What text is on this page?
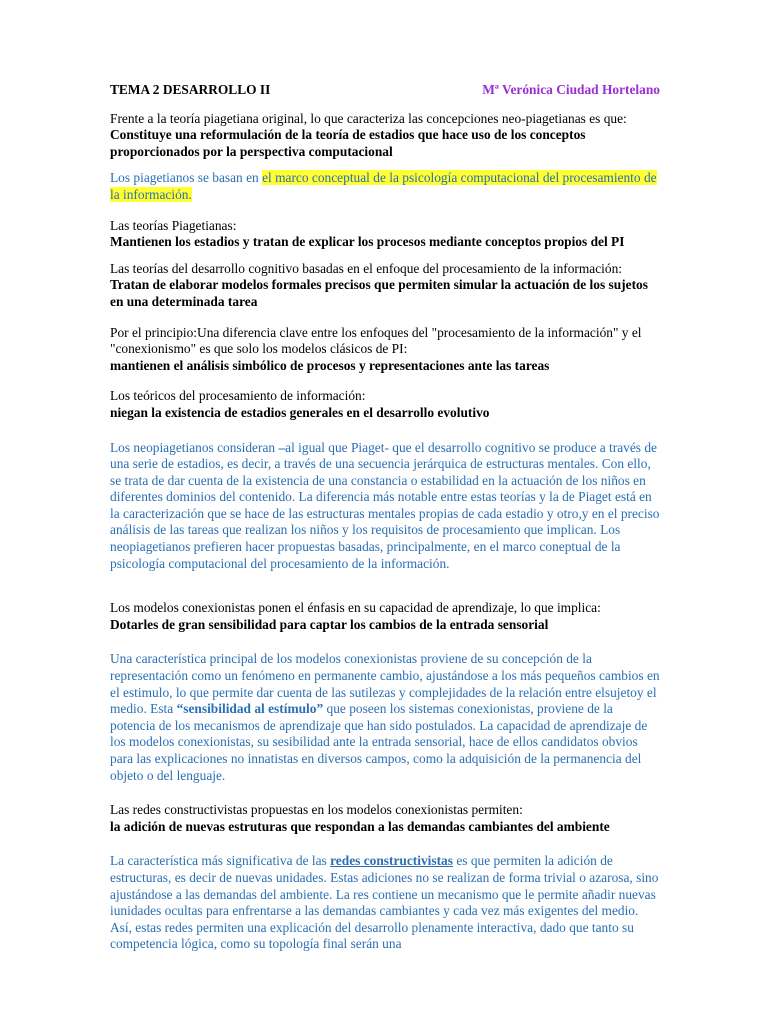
TEMA 2 DESARROLLO II	Mª Verónica Ciudad Hortelano

Frente a la teoría piagetiana original, lo que caracteriza las concepciones neo-piagetianas es que:
Constituye una reformulación de la teoría de estadios que hace uso de los conceptos proporcionados por la perspectiva computacional

Los piagetianos se basan en el marco conceptual de la psicología computacional del procesamiento de la información.

Las teorías Piagetianas:
Mantienen los estadios y tratan de explicar los procesos mediante conceptos propios del PI

Las teorías del desarrollo cognitivo basadas en el enfoque del procesamiento de la información:
Tratan de elaborar modelos formales precisos que permiten simular la actuación de los sujetos en una determinada tarea

Por el principio:Una diferencia clave entre los enfoques del "procesamiento de la información" y el "conexionismo" es que solo los modelos clásicos de PI:
mantienen el análisis simbólico de procesos y representaciones ante las tareas

Los teóricos del procesamiento de información:
niegan la existencia de estadios generales en el desarrollo evolutivo

Los neopiagetianos consideran –al igual que Piaget- que el desarrollo cognitivo se produce a través de una serie de estadios, es decir, a través de una secuencia jerárquica de estructuras mentales. Con ello, se trata de dar cuenta de la existencia de una constancia o estabilidad en la actuación de los niños en diferentes dominios del contenido. La diferencia más notable entre estas teorías y la de Piaget está en la caracterización que se hace de las estructuras mentales propias de cada estadio y otro,y en el preciso análisis de las tareas que realizan los niños y los requisitos de procesamiento que implican. Los neopiagetianos prefieren hacer propuestas basadas, principalmente, en el marco coneptual de la psicología computacional del procesamiento de la información.

Los modelos conexionistas ponen el énfasis en su capacidad de aprendizaje, lo que implica:
Dotarles de gran sensibilidad para captar los cambios de la entrada sensorial

Una característica principal de los modelos conexionistas proviene de su concepción de la representación como un fenómeno en permanente cambio, ajustándose a los más pequeños cambios en el estimulo, lo que permite dar cuenta de las sutilezas y complejidades de la relación entre elsujetoy el medio. Esta “sensibilidad al estímulo” que poseen los sistemas conexionistas, proviene de la potencia de los mecanismos de aprendizaje que han sido postulados. La capacidad de aprendizaje de los modelos conexionistas, su sesibilidad ante la entrada sensorial, hace de ellos candidatos obvios para las explicaciones no innatistas en diversos campos, como la adquisición de la permanencia del objeto o del lenguaje.

Las redes constructivistas propuestas en los modelos conexionistas permiten:
la adición de nuevas estruturas que respondan a las demandas cambiantes del ambiente

La característica más significativa de las redes constructivistas es que permiten la adición de estructuras, es decir de nuevas unidades. Estas adiciones no se realizan de forma trivial o azarosa, sino ajustándose a las demandas del ambiente. La res contiene un mecanismo que le permite añadir nuevas iunidades ocultas para enfrentarse a las demandas cambiantes y cada vez más exigentes del medio. Así, estas redes permiten una explicación del desarrollo plenamente interactiva, dado que tanto su competencia lógica, como su topología final serán una
